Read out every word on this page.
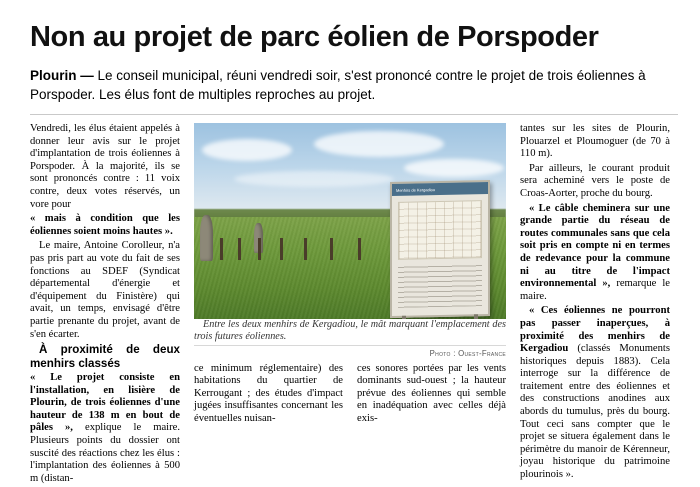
Non au projet de parc éolien de Porspoder

Plourin — Le conseil municipal, réuni vendredi soir, s'est prononcé contre le projet de trois éoliennes à Porspoder. Les élus font de multiples reproches au projet.

Vendredi, les élus étaient appelés à donner leur avis sur le projet d'implantation de trois éoliennes à Porspoder. À la majorité, ils se sont prononcés contre : 11 voix contre, deux votes réservés, un vore pour

« mais à condition que les éoliennes soient moins hautes ».

Le maire, Antoine Corolleur, n'a pas pris part au vote du fait de ses fonctions au SDEF (Syndicat départemental d'énergie et d'équipement du Finistère) qui avait, un temps, envisagé d'être partie prenante du projet, avant de s'en écarter.

À proximité de deux menhirs classés

« Le projet consiste en l'installation, en lisière de Plourin, de trois éoliennes d'une hauteur de 138 m en bout de pâles », explique le maire. Plusieurs points du dossier ont suscité des réactions chez les élus : l'implantation des éoliennes à 500 m (distan-

Menhirs de Kergadiou

Entre les deux menhirs de Kergadiou, le mât marquant l'emplacement des trois futures éoliennes.

Photo : Ouest-France

ce minimum réglementaire) des habitations du quartier de Kerrougant ; des études d'impact jugées insuffisantes concernant les éventuelles nuisan-

ces sonores portées par les vents dominants sud-ouest ; la hauteur prévue des éoliennes qui semble en inadéquation avec celles déjà exis-

tantes sur les sites de Plourin, Plouarzel et Ploumoguer (de 70 à 110 m).

Par ailleurs, le courant produit sera acheminé vers le poste de Croas-Aorter, proche du bourg.

« Le câble cheminera sur une grande partie du réseau de routes communales sans que cela soit pris en compte ni en termes de redevance pour la commune ni au titre de l'impact environnemental », remarque le maire.

« Ces éoliennes ne pourront pas passer inaperçues, à proximité des menhirs de Kergadiou (classés Monuments historiques depuis 1883). Cela interroge sur la différence de traitement entre des éoliennes et des constructions anodines aux abords du tumulus, près du bourg. Tout ceci sans compter que le projet se situera également dans le périmètre du manoir de Kérenneur, joyau historique du patrimoine plourinois ».
